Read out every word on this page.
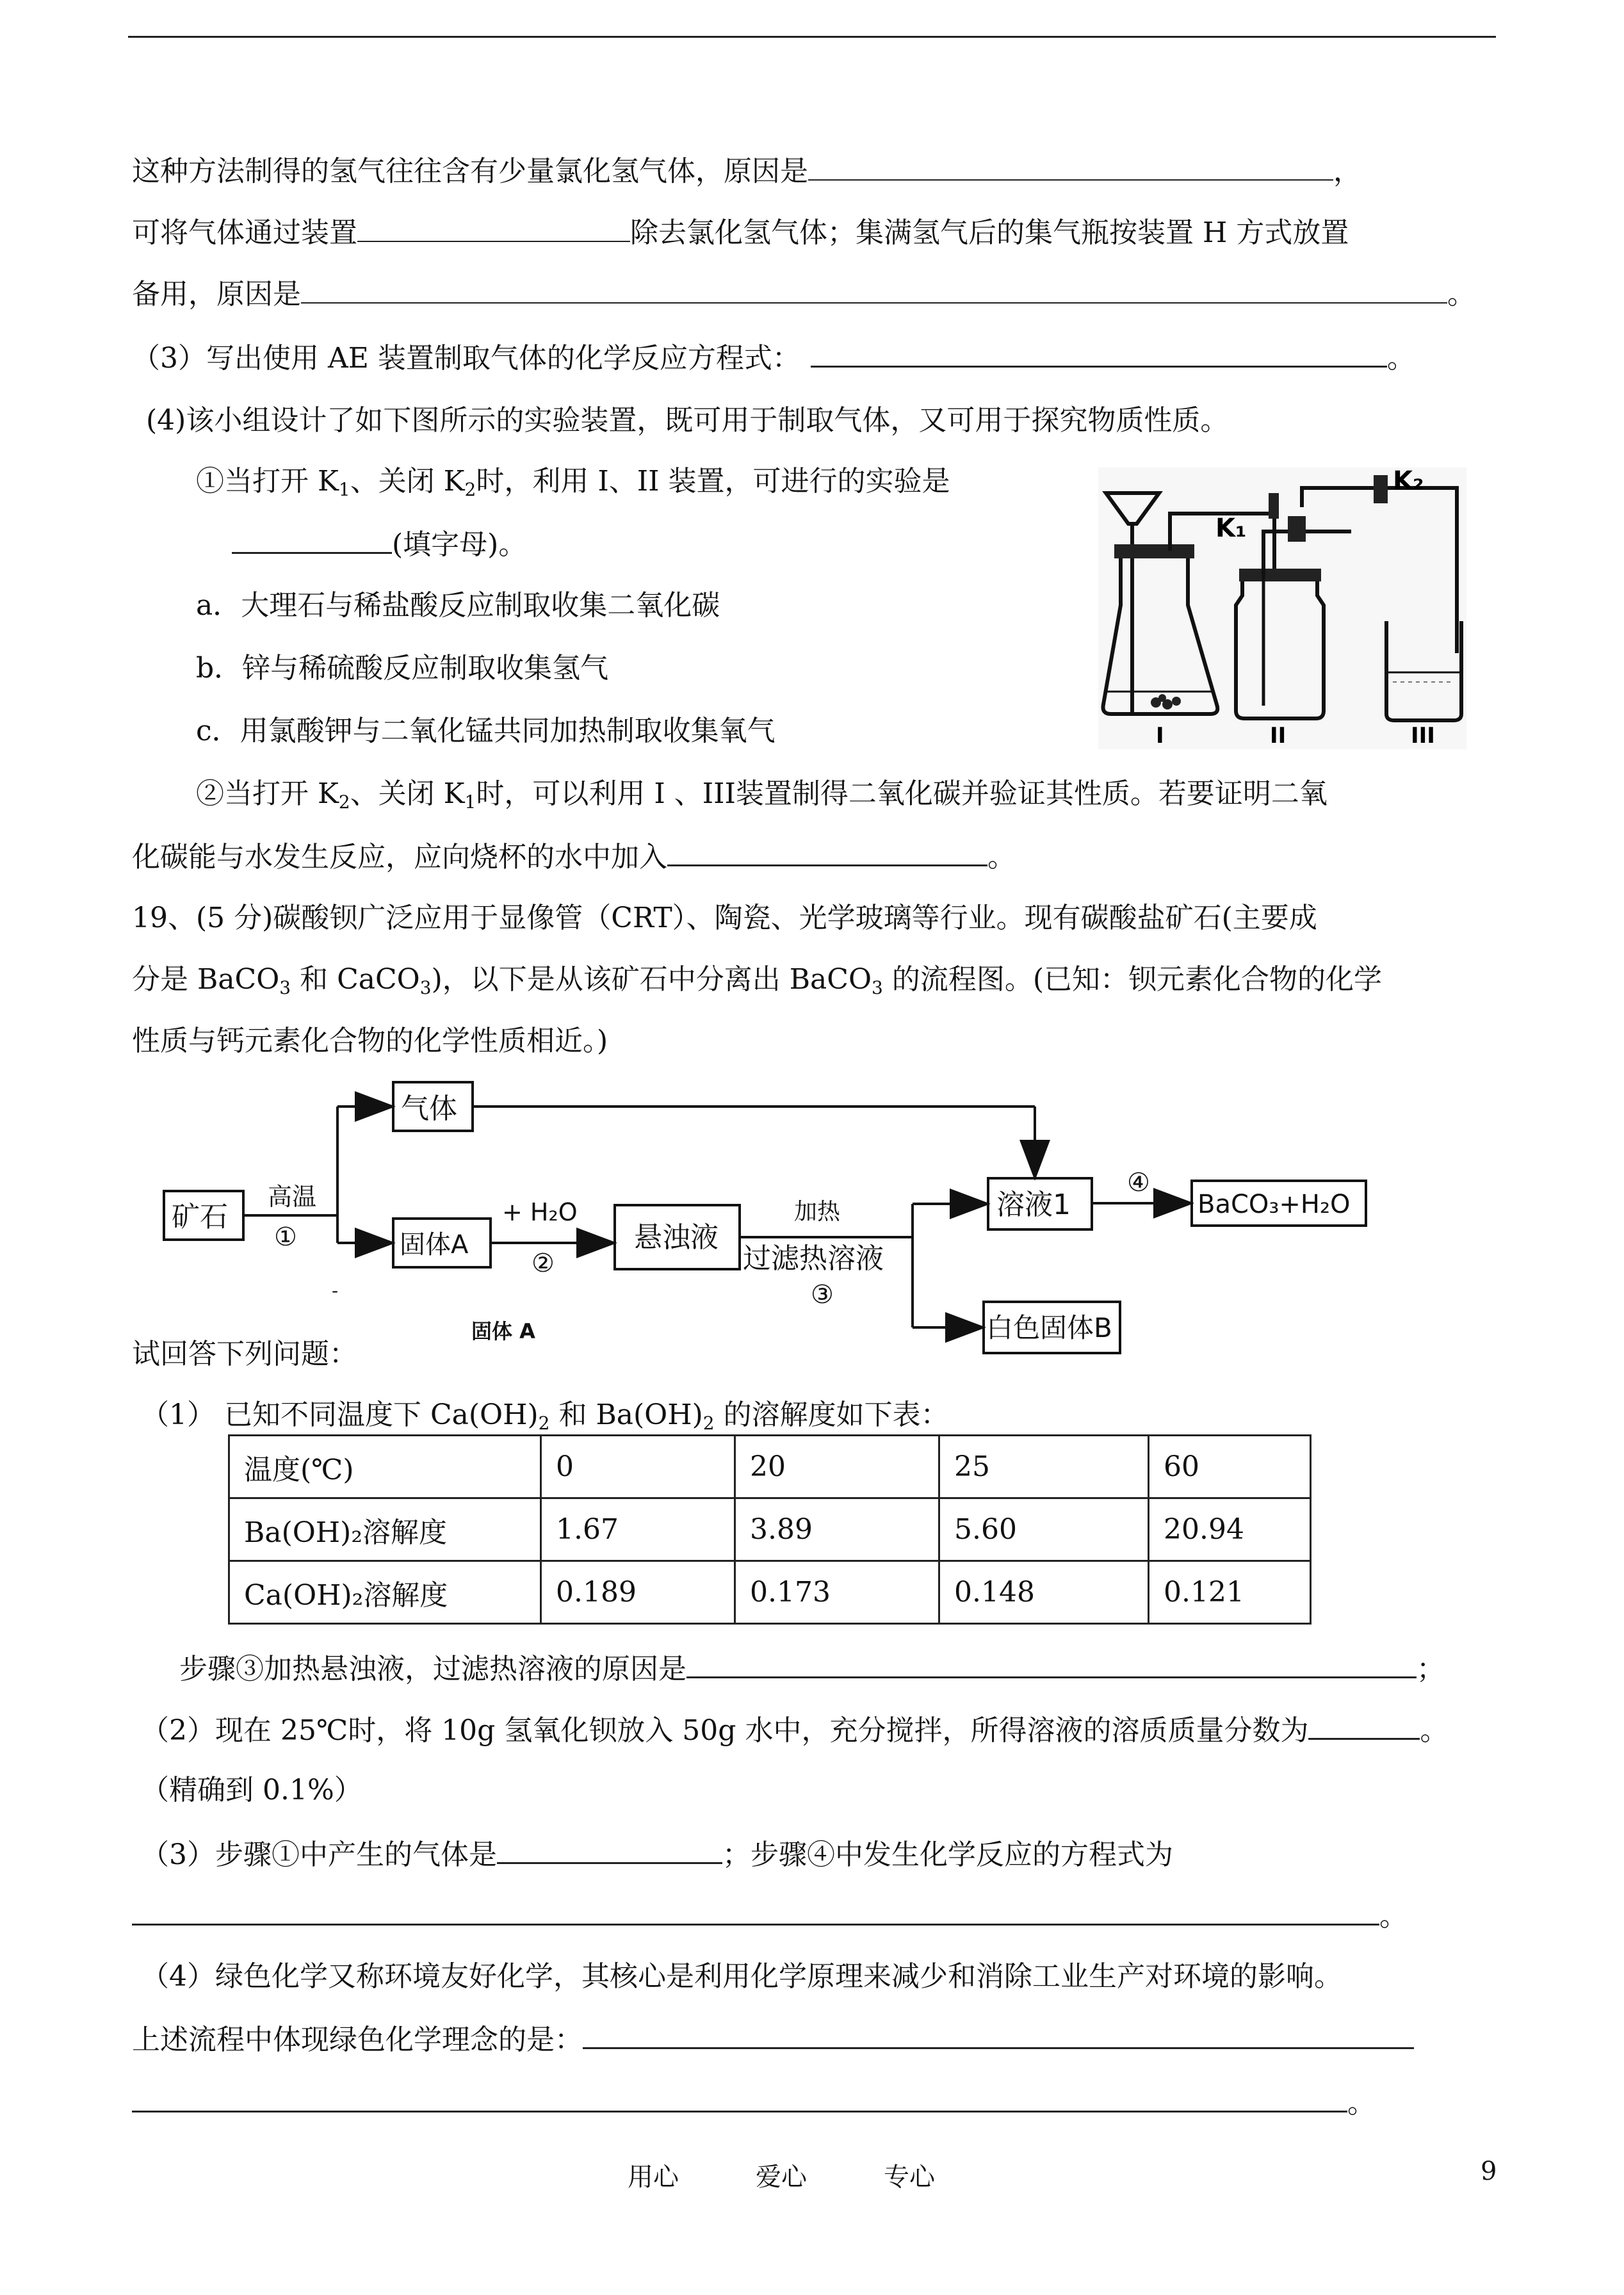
这种方法制得的氢气往往含有少量氯化氢气体，原因是	，
可将气体通过装置	除去氯化氢气体；集满氢气后的集气瓶按装置 H 方式放置
备用，原因是	。
（3）写出使用 AE 装置制取气体的化学反应方程式：	。
(4)该小组设计了如下图所示的实验装置，既可用于制取气体，又可用于探究物质性质。
①当打开 $K_1$、关闭 $K_2$时，利用 I、II 装置，可进行的实验是
(填字母)。
a．大理石与稀盐酸反应制取收集二氧化碳
b．锌与稀硫酸反应制取收集氢气
c．用氯酸钾与二氧化锰共同加热制取收集氧气
②当打开 $K_2$、关闭 $K_1$时，可以利用 I 、III装置制得二氧化碳并验证其性质。若要证明二氧
化碳能与水发生反应，应向烧杯的水中加入	。
19、(5 分)碳酸钡广泛应用于显像管（CRT）、陶瓷、光学玻璃等行业。现有碳酸盐矿石(主要成
分是 BaCO$_3$ 和 CaCO$_3$)，以下是从该矿石中分离出 BaCO$_3$ 的流程图。(已知：钡元素化合物的化学
性质与钙元素化合物的化学性质相近。)
K₁
K₂
I	II	III
矿石
高温
①
气体
固体A
+ H₂O
②
悬浊液
加热
过滤热溶液
③
溶液1
④
BaCO₃+H₂O
白色固体B
-
固体 A
试回答下列问题：
（1） 已知不同温度下 $Ca(OH)_2$ 和 $Ba(OH)_2$ 的溶解度如下表：
温度(℃)	0	20	25	60
Ba(OH)₂溶解度	1.67	3.89	5.60	20.94
Ca(OH)₂溶解度	0.189	0.173	0.148	0.121
步骤③加热悬浊液，过滤热溶液的原因是	；
（2）现在 25℃时，将 10g 氢氧化钡放入 50g 水中，充分搅拌，所得溶液的溶质质量分数为	。
（精确到 0.1%）
（3）步骤①中产生的气体是	；步骤④中发生化学反应的方程式为
。
（4）绿色化学又称环境友好化学，其核心是利用化学原理来减少和消除工业生产对环境的影响。
上述流程中体现绿色化学理念的是：
。
用心	爱心	专心	9
